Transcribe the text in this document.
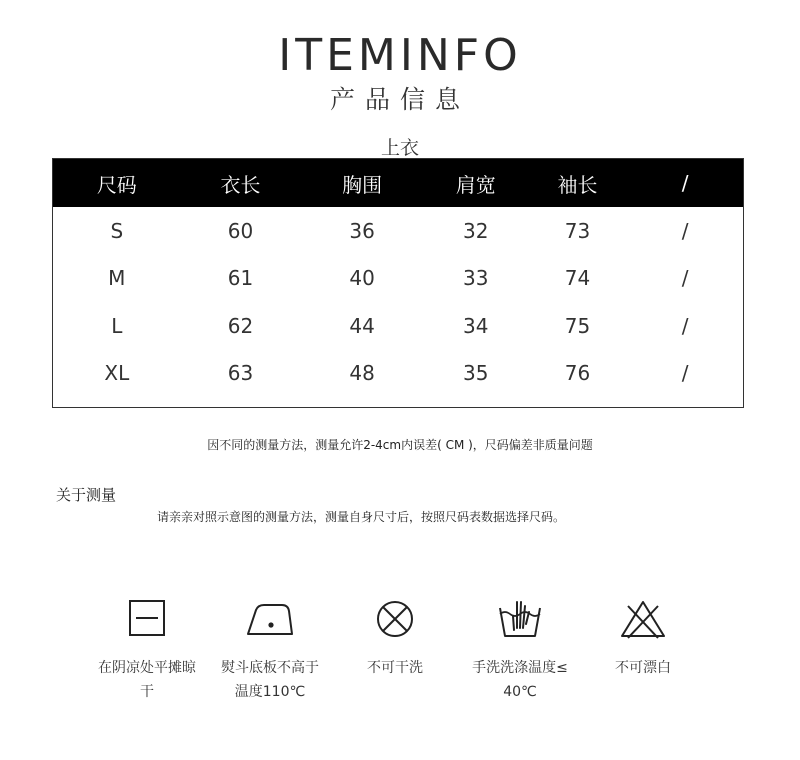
ITEMINFO
产品信息
上衣
尺码	衣长	胸围	肩宽	袖长	/
S	60	36	32	73	/
M	61	40	33	74	/
L	62	44	34	75	/
XL	63	48	35	76	/
因不同的测量方法，测量允许2-4cm内误差( CM )，尺码偏差非质量问题
关于测量
请亲亲对照示意图的测量方法，测量自身尺寸后，按照尺码表数据选择尺码。
在阴凉处平摊晾
干
熨斗底板不高于
温度110℃
不可干洗	手洗洗涤温度≤
40℃
不可漂白
